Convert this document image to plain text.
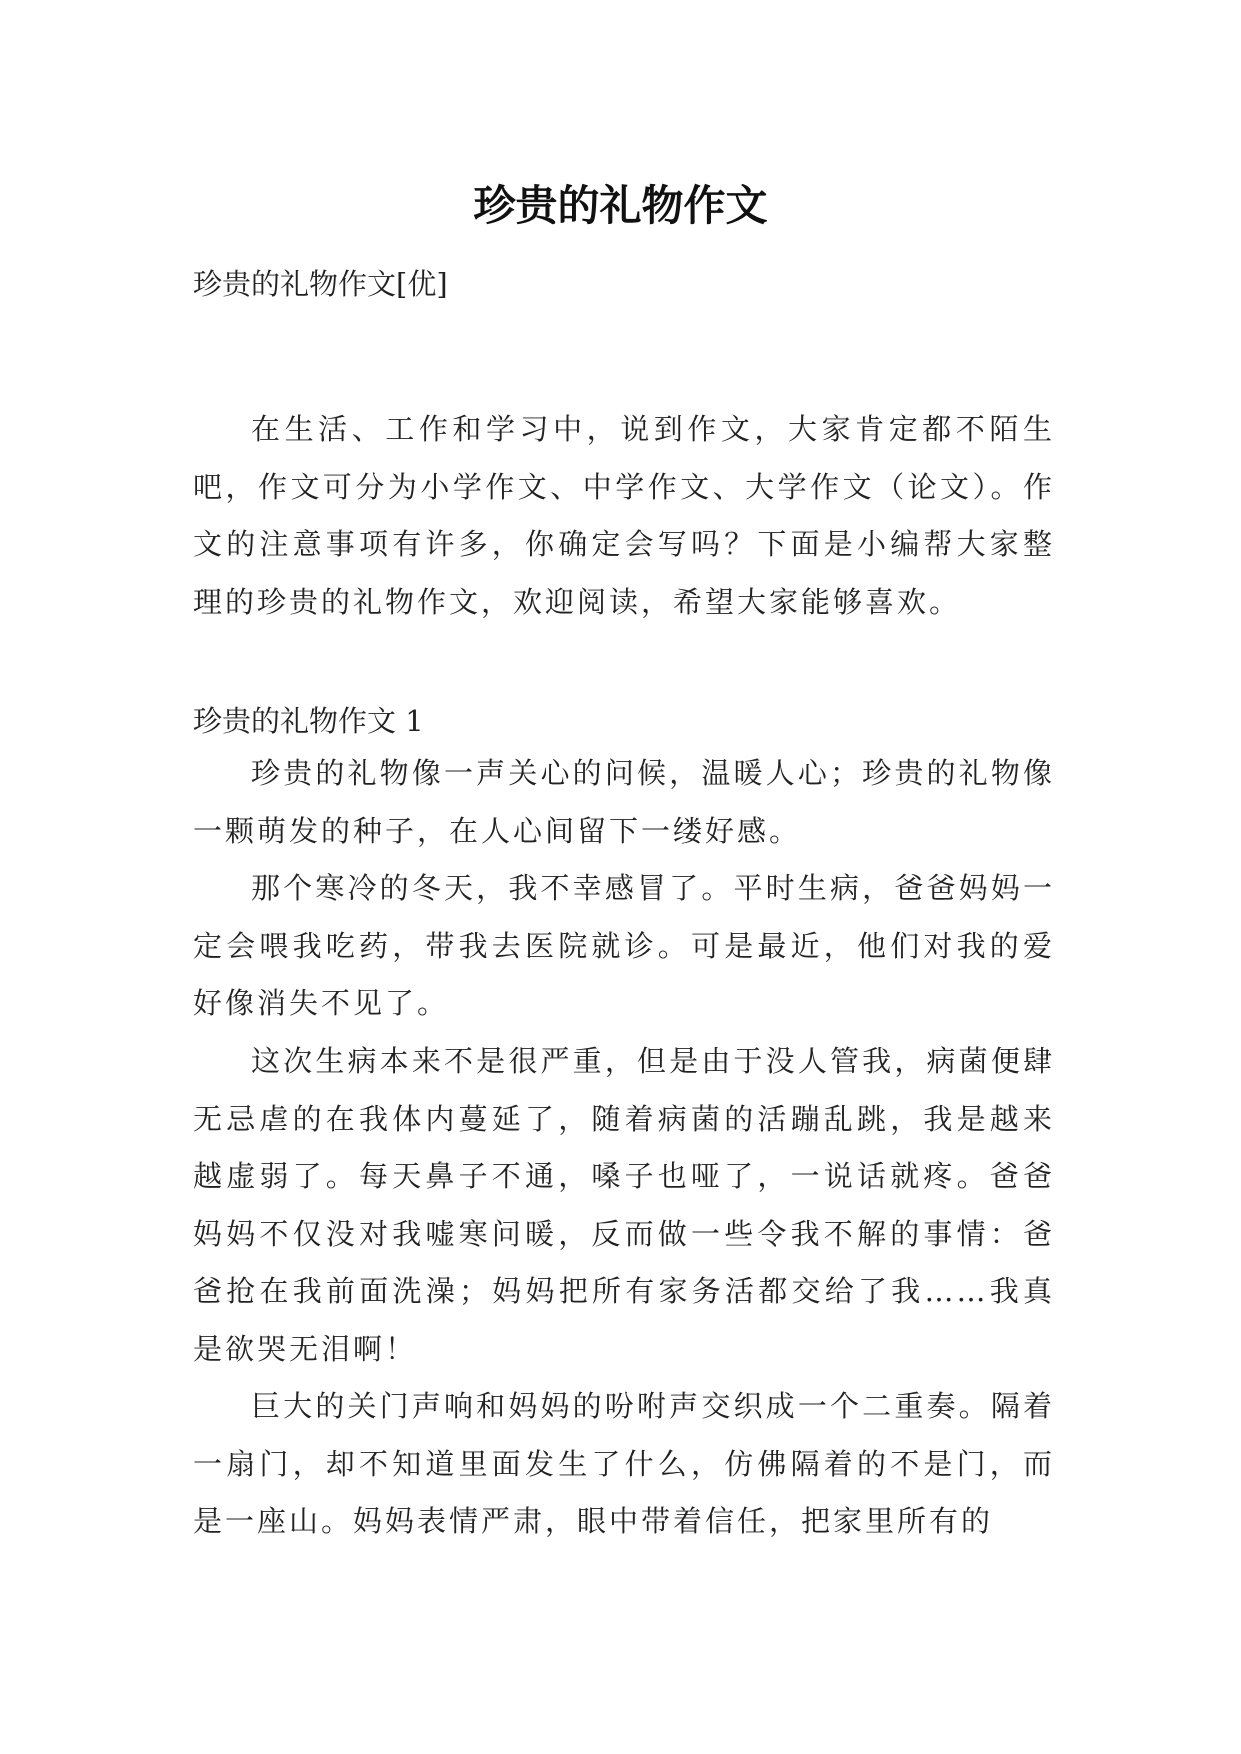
珍贵的礼物作文

珍贵的礼物作文[优]

在生活、工作和学习中，说到作文，大家肯定都不陌生吧，作文可分为小学作文、中学作文、大学作文（论文）。作文的注意事项有许多，你确定会写吗？下面是小编帮大家整理的珍贵的礼物作文，欢迎阅读，希望大家能够喜欢。

珍贵的礼物作文 1

珍贵的礼物像一声关心的问候，温暖人心；珍贵的礼物像一颗萌发的种子，在人心间留下一缕好感。

那个寒冷的冬天，我不幸感冒了。平时生病，爸爸妈妈一定会喂我吃药，带我去医院就诊。可是最近，他们对我的爱好像消失不见了。

这次生病本来不是很严重，但是由于没人管我，病菌便肆无忌虐的在我体内蔓延了，随着病菌的活蹦乱跳，我是越来越虚弱了。每天鼻子不通，嗓子也哑了，一说话就疼。爸爸妈妈不仅没对我嘘寒问暖，反而做一些令我不解的事情：爸爸抢在我前面洗澡；妈妈把所有家务活都交给了我……我真是欲哭无泪啊！

巨大的关门声响和妈妈的吩咐声交织成一个二重奏。隔着一扇门，却不知道里面发生了什么，仿佛隔着的不是门，而是一座山。妈妈表情严肃，眼中带着信任，把家里所有的
